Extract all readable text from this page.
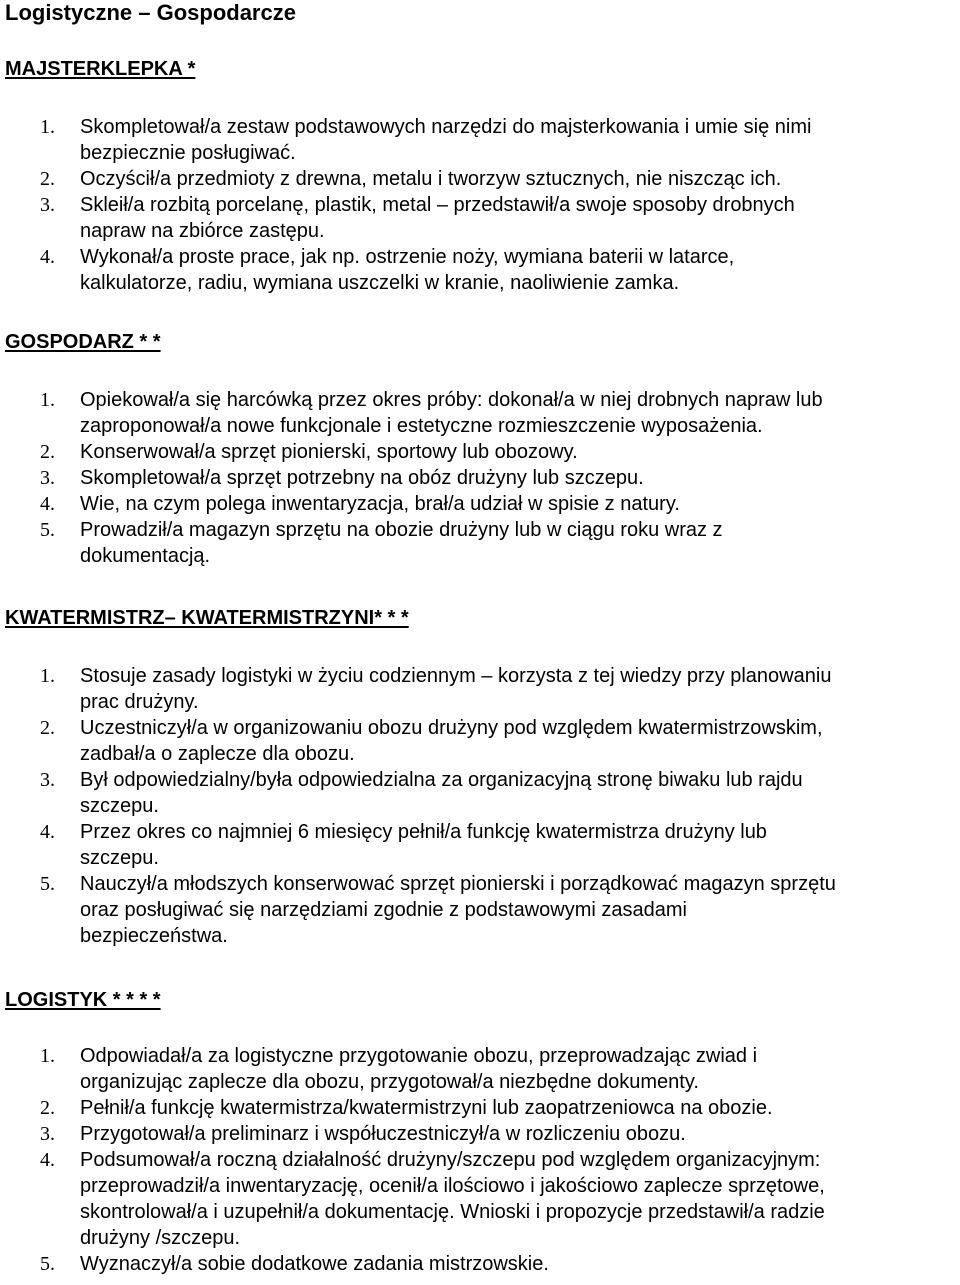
Logistyczne – Gospodarcze
MAJSTERKLEPKA *
1. Skompletował/a zestaw podstawowych narzędzi do majsterkowania i umie się nimi
bezpiecznie posługiwać.
2. Oczyścił/a przedmioty z drewna, metalu i tworzyw sztucznych, nie niszcząc ich.
3. Skleił/a rozbitą porcelanę, plastik, metal – przedstawił/a swoje sposoby drobnych
napraw na zbiórce zastępu.
4. Wykonał/a proste prace, jak np. ostrzenie noży, wymiana baterii w latarce,
kalkulatorze, radiu, wymiana uszczelki w kranie, naoliwienie zamka.
GOSPODARZ * *
1. Opiekował/a się harcówką przez okres próby: dokonał/a w niej drobnych napraw lub
zaproponował/a nowe funkcjonale i estetyczne rozmieszczenie wyposażenia.
2. Konserwował/a sprzęt pionierski, sportowy lub obozowy.
3. Skompletował/a sprzęt potrzebny na obóz drużyny lub szczepu.
4. Wie, na czym polega inwentaryzacja, brał/a udział w spisie z natury.
5. Prowadził/a magazyn sprzętu na obozie drużyny lub w ciągu roku wraz z
dokumentacją.
KWATERMISTRZ– KWATERMISTRZYNI* * *
1. Stosuje zasady logistyki w życiu codziennym – korzysta z tej wiedzy przy planowaniu
prac drużyny.
2. Uczestniczył/a w organizowaniu obozu drużyny pod względem kwatermistrzowskim,
zadbał/a o zaplecze dla obozu.
3. Był odpowiedzialny/była odpowiedzialna za organizacyjną stronę biwaku lub rajdu
szczepu.
4. Przez okres co najmniej 6 miesięcy pełnił/a funkcję kwatermistrza drużyny lub
szczepu.
5. Nauczył/a młodszych konserwować sprzęt pionierski i porządkować magazyn sprzętu
oraz posługiwać się narzędziami zgodnie z podstawowymi zasadami
bezpieczeństwa.
LOGISTYK * * * *
1. Odpowiadał/a za logistyczne przygotowanie obozu, przeprowadzając zwiad i
organizując zaplecze dla obozu, przygotował/a niezbędne dokumenty.
2. Pełnił/a funkcję kwatermistrza/kwatermistrzyni lub zaopatrzeniowca na obozie.
3. Przygotował/a preliminarz i współuczestniczył/a w rozliczeniu obozu.
4. Podsumował/a roczną działalność drużyny/szczepu pod względem organizacyjnym:
przeprowadził/a inwentaryzację, ocenił/a ilościowo i jakościowo zaplecze sprzętowe,
skontrolował/a i uzupełnił/a dokumentację. Wnioski i propozycje przedstawił/a radzie
drużyny /szczepu.
5. Wyznaczył/a sobie dodatkowe zadania mistrzowskie.
